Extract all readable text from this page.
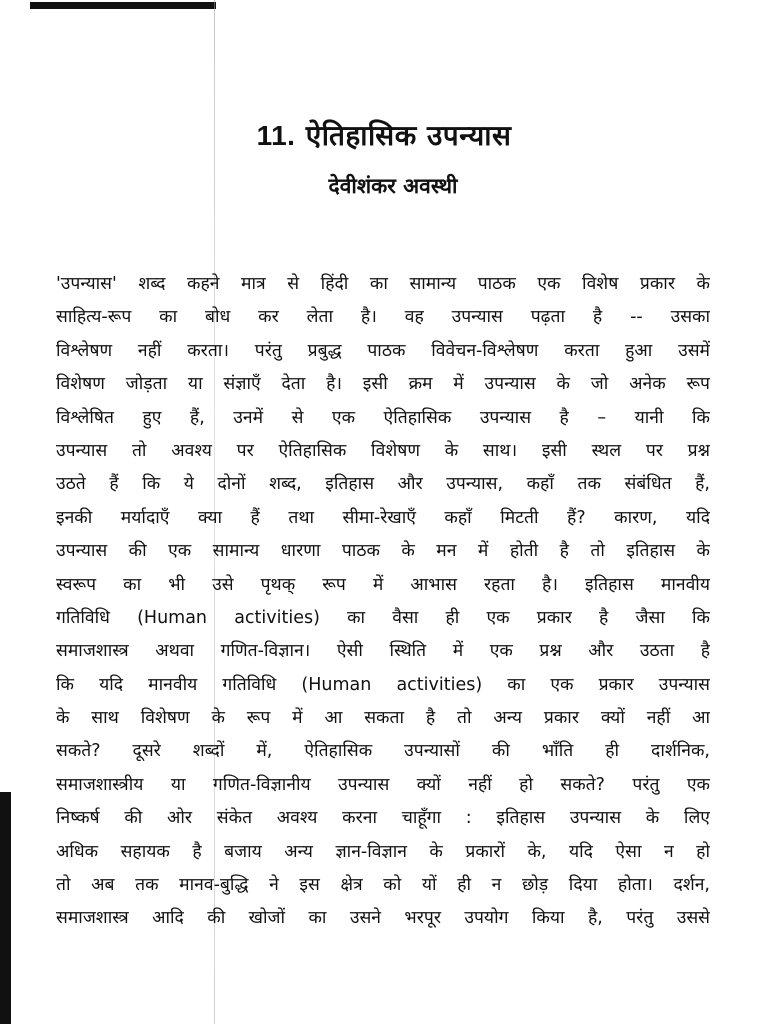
11. ऐतिहासिक उपन्यास
देवीशंकर अवस्थी
'उपन्यास' शब्द कहने मात्र से हिंदी का सामान्य पाठक एक विशेष प्रकार के
साहित्य-रूप का बोध कर लेता है। वह उपन्यास पढ़ता है -- उसका
विश्लेषण नहीं करता। परंतु प्रबुद्ध पाठक विवेचन-विश्लेषण करता हुआ उसमें
विशेषण जोड़ता या संज्ञाएँ देता है। इसी क्रम में उपन्यास के जो अनेक रूप
विश्लेषित हुए हैं, उनमें से एक ऐतिहासिक उपन्यास है – यानी कि
उपन्यास तो अवश्य पर ऐतिहासिक विशेषण के साथ। इसी स्थल पर प्रश्न
उठते हैं कि ये दोनों शब्द, इतिहास और उपन्यास, कहाँ तक संबंधित हैं,
इनकी मर्यादाएँ क्या हैं तथा सीमा-रेखाएँ कहाँ मिटती हैं? कारण, यदि
उपन्यास की एक सामान्य धारणा पाठक के मन में होती है तो इतिहास के
स्वरूप का भी उसे पृथक् रूप में आभास रहता है। इतिहास मानवीय
गतिविधि (Human activities) का वैसा ही एक प्रकार है जैसा कि
समाजशास्त्र अथवा गणित-विज्ञान। ऐसी स्थिति में एक प्रश्न और उठता है
कि यदि मानवीय गतिविधि (Human activities) का एक प्रकार उपन्यास
के साथ विशेषण के रूप में आ सकता है तो अन्य प्रकार क्यों नहीं आ
सकते? दूसरे शब्दों में, ऐतिहासिक उपन्यासों की भाँति ही दार्शनिक,
समाजशास्त्रीय या गणित-विज्ञानीय उपन्यास क्यों नहीं हो सकते? परंतु एक
निष्कर्ष की ओर संकेत अवश्य करना चाहूँगा : इतिहास उपन्यास के लिए
अधिक सहायक है बजाय अन्य ज्ञान-विज्ञान के प्रकारों के, यदि ऐसा न हो
तो अब तक मानव-बुद्धि ने इस क्षेत्र को यों ही न छोड़ दिया होता। दर्शन,
समाजशास्त्र आदि की खोजों का उसने भरपूर उपयोग किया है, परंतु उससे
